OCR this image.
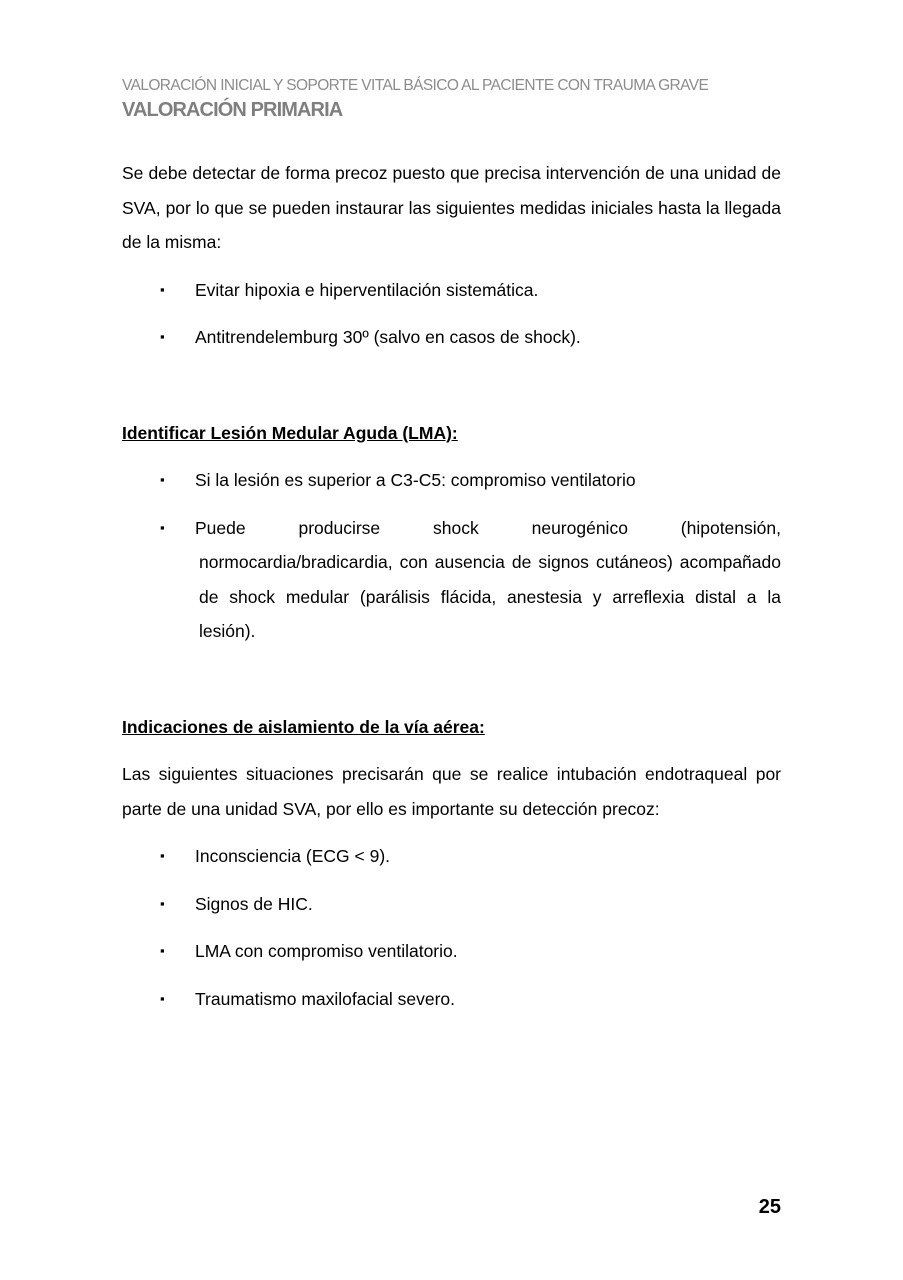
VALORACIÓN INICIAL Y SOPORTE VITAL BÁSICO AL PACIENTE CON TRAUMA GRAVE
VALORACIÓN PRIMARIA

Se debe detectar de forma precoz puesto que precisa intervención de una unidad de SVA, por lo que se pueden instaurar las siguientes medidas iniciales hasta la llegada de la misma:

▪ Evitar hipoxia e hiperventilación sistemática.
▪ Antitrendelemburg 30º (salvo en casos de shock).
Identificar Lesión Medular Aguda (LMA):
▪ Si la lesión es superior a C3-C5: compromiso ventilatorio
▪ Puede producirse shock neurogénico (hipotensión, normocardia/bradicardia, con ausencia de signos cutáneos) acompañado de shock medular (parálisis flácida, anestesia y arreflexia distal a la lesión).
Indicaciones de aislamiento de la vía aérea:

Las siguientes situaciones precisarán que se realice intubación endotraqueal por parte de una unidad SVA, por ello es importante su detección precoz:

▪ Inconsciencia (ECG < 9).
▪ Signos de HIC.
▪ LMA con compromiso ventilatorio.
▪ Traumatismo maxilofacial severo.
25
